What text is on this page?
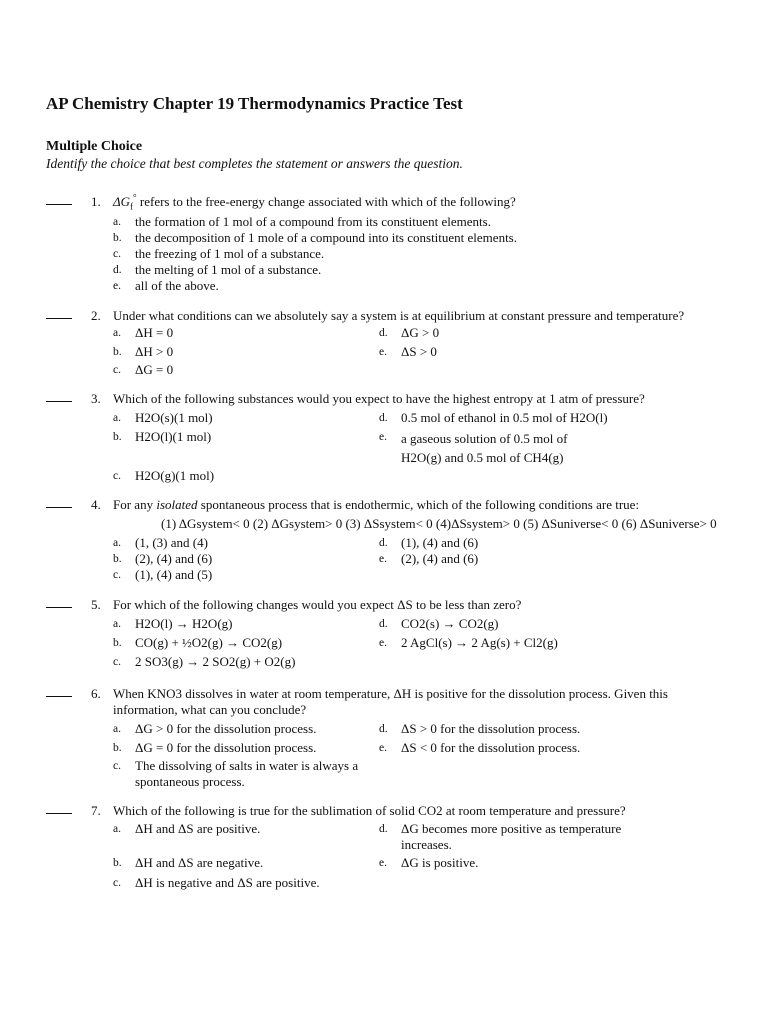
AP Chemistry Chapter 19 Thermodynamics Practice Test
Multiple Choice
Identify the choice that best completes the statement or answers the question.
1. $\Delta G_f^\circ$ refers to the free-energy change associated with which of the following?
a. the formation of 1 mol of a compound from its constituent elements.
b. the decomposition of 1 mole of a compound into its constituent elements.
c. the freezing of 1 mol of a substance.
d. the melting of 1 mol of a substance.
e. all of the above.
2. Under what conditions can we absolutely say a system is at equilibrium at constant pressure and temperature?
a. ΔH = 0
b. ΔH > 0
c. ΔG = 0
d. ΔG > 0
e. ΔS > 0
3. Which of the following substances would you expect to have the highest entropy at 1 atm of pressure?
a. H2O(s)(1 mol)
b. H2O(l)(1 mol)
c. H2O(g)(1 mol)
d. 0.5 mol of ethanol in 0.5 mol of H2O(l)
e. a gaseous solution of 0.5 mol of H2O(g) and 0.5 mol of CH4(g)
4. For any isolated spontaneous process that is endothermic, which of the following conditions are true:
(1) ΔGsystem< 0 (2) ΔGsystem> 0 (3) ΔSsystem< 0 (4)ΔSsystem> 0 (5) ΔSuniverse< 0 (6) ΔSuniverse> 0
a. (1, (3) and (4)
b. (2), (4) and (6)
c. (1), (4) and (5)
d. (1), (4) and (6)
e. (2), (4) and (6)
5. For which of the following changes would you expect ΔS to be less than zero?
a. H2O(l) → H2O(g)
b. CO(g) + ½O2(g) → CO2(g)
c. 2 SO3(g) → 2 SO2(g) + O2(g)
d. CO2(s) → CO2(g)
e. 2 AgCl(s) → 2 Ag(s) + Cl2(g)
6. When KNO3 dissolves in water at room temperature, ΔH is positive for the dissolution process. Given this information, what can you conclude?
a. ΔG > 0 for the dissolution process.
b. ΔG = 0 for the dissolution process.
c. The dissolving of salts in water is always a spontaneous process.
d. ΔS > 0 for the dissolution process.
e. ΔS < 0 for the dissolution process.
7. Which of the following is true for the sublimation of solid CO2 at room temperature and pressure?
a. ΔH and ΔS are positive.
b. ΔH and ΔS are negative.
c. ΔH is negative and ΔS are positive.
d. ΔG becomes more positive as temperature increases.
e. ΔG is positive.
